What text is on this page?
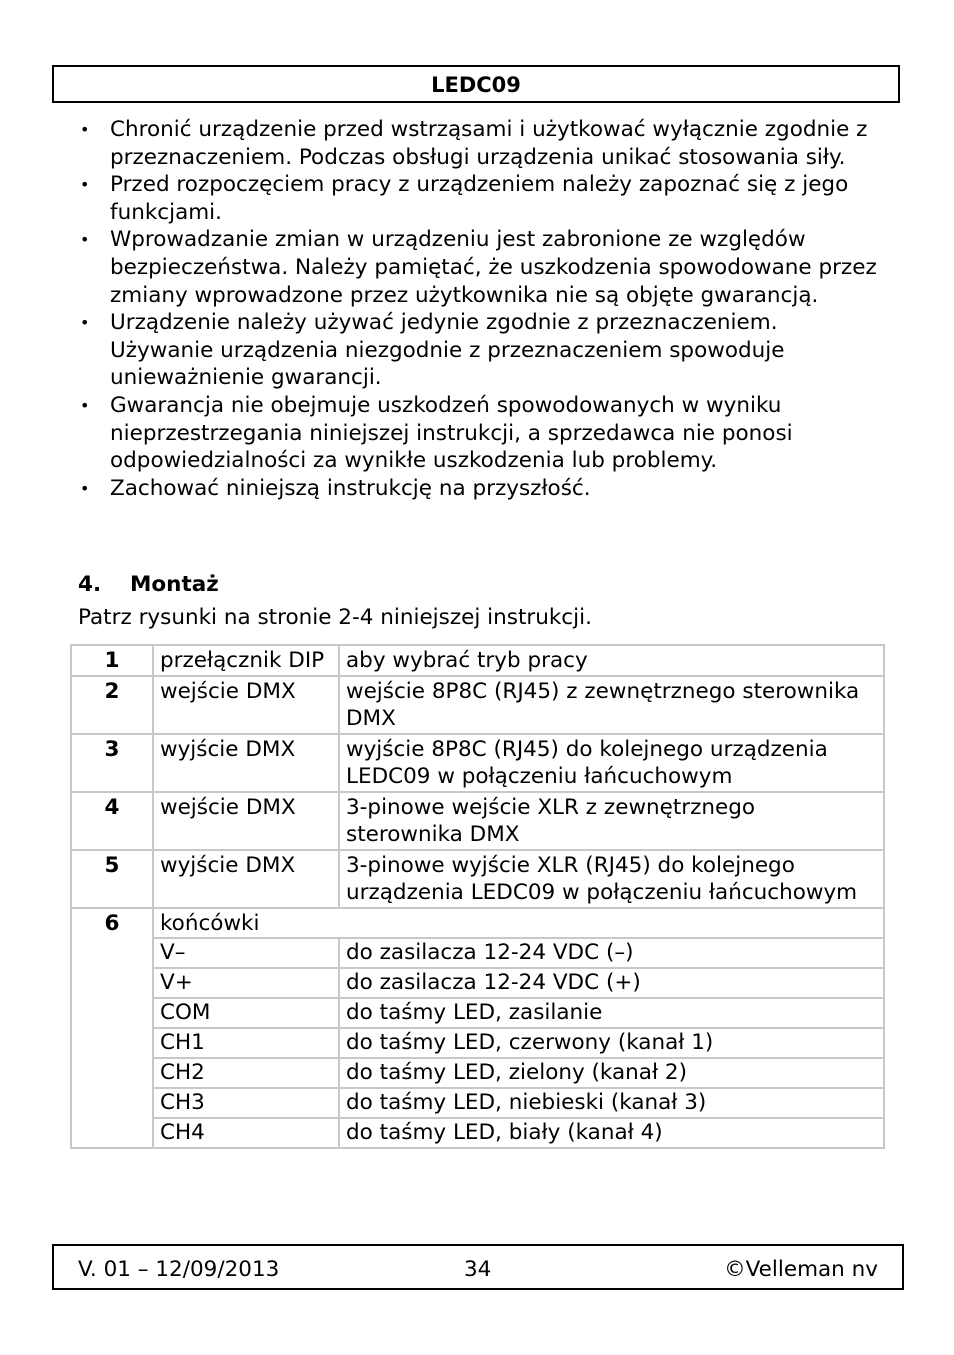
LEDC09
• Chronić urządzenie przed wstrząsami i użytkować wyłącznie zgodnie z przeznaczeniem. Podczas obsługi urządzenia unikać stosowania siły.
• Przed rozpoczęciem pracy z urządzeniem należy zapoznać się z jego funkcjami.
• Wprowadzanie zmian w urządzeniu jest zabronione ze względów bezpieczeństwa. Należy pamiętać, że uszkodzenia spowodowane przez zmiany wprowadzone przez użytkownika nie są objęte gwarancją.
• Urządzenie należy używać jedynie zgodnie z przeznaczeniem. Używanie urządzenia niezgodnie z przeznaczeniem spowoduje unieważnienie gwarancji.
• Gwarancja nie obejmuje uszkodzeń spowodowanych w wyniku nieprzestrzegania niniejszej instrukcji, a sprzedawca nie ponosi odpowiedzialności za wynikłe uszkodzenia lub problemy.
• Zachować niniejszą instrukcję na przyszłość.
4. Montaż
Patrz rysunki na stronie 2-4 niniejszej instrukcji.
1	przełącznik DIP	aby wybrać tryb pracy
2	wejście DMX	wejście 8P8C (RJ45) z zewnętrznego sterownika DMX
3	wyjście DMX	wyjście 8P8C (RJ45) do kolejnego urządzenia LEDC09 w połączeniu łańcuchowym
4	wejście DMX	3-pinowe wejście XLR z zewnętrznego sterownika DMX
5	wyjście DMX	3-pinowe wyjście XLR (RJ45) do kolejnego urządzenia LEDC09 w połączeniu łańcuchowym
6	końcówki	
	V–	do zasilacza 12-24 VDC (–)
	V+	do zasilacza 12-24 VDC (+)
	COM	do taśmy LED, zasilanie
	CH1	do taśmy LED, czerwony (kanał 1)
	CH2	do taśmy LED, zielony (kanał 2)
	CH3	do taśmy LED, niebieski (kanał 3)
	CH4	do taśmy LED, biały (kanał 4)
V. 01 – 12/09/2013	34	©Velleman nv
